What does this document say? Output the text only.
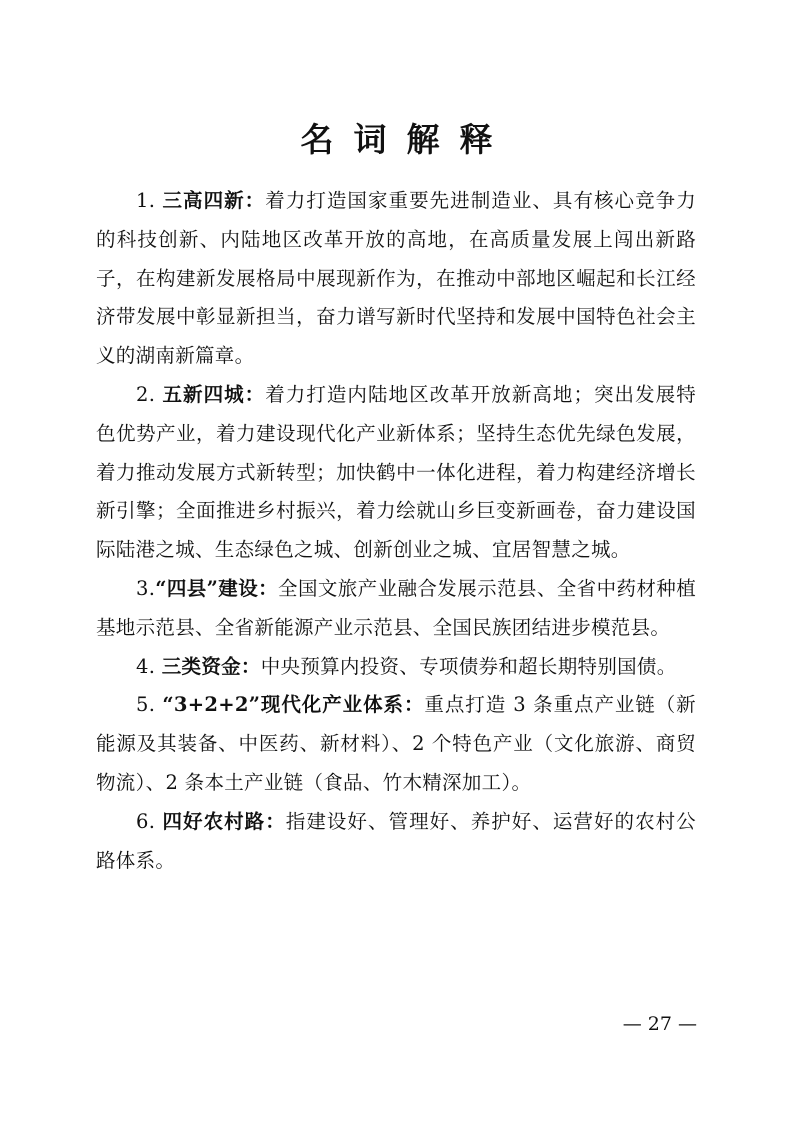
名词解释

1. 三高四新：着力打造国家重要先进制造业、具有核心竞争力的科技创新、内陆地区改革开放的高地，在高质量发展上闯出新路子，在构建新发展格局中展现新作为，在推动中部地区崛起和长江经济带发展中彰显新担当，奋力谱写新时代坚持和发展中国特色社会主义的湖南新篇章。

2. 五新四城：着力打造内陆地区改革开放新高地；突出发展特色优势产业，着力建设现代化产业新体系；坚持生态优先绿色发展，着力推动发展方式新转型；加快鹤中一体化进程，着力构建经济增长新引擎；全面推进乡村振兴，着力绘就山乡巨变新画卷，奋力建设国际陆港之城、生态绿色之城、创新创业之城、宜居智慧之城。

3.“四县”建设：全国文旅产业融合发展示范县、全省中药材种植基地示范县、全省新能源产业示范县、全国民族团结进步模范县。

4. 三类资金：中央预算内投资、专项债券和超长期特别国债。

5. “3+2+2”现代化产业体系：重点打造 3 条重点产业链（新能源及其装备、中医药、新材料）、2 个特色产业（文化旅游、商贸物流）、2 条本土产业链（食品、竹木精深加工）。

6. 四好农村路：指建设好、管理好、养护好、运营好的农村公路体系。

— 27 —
